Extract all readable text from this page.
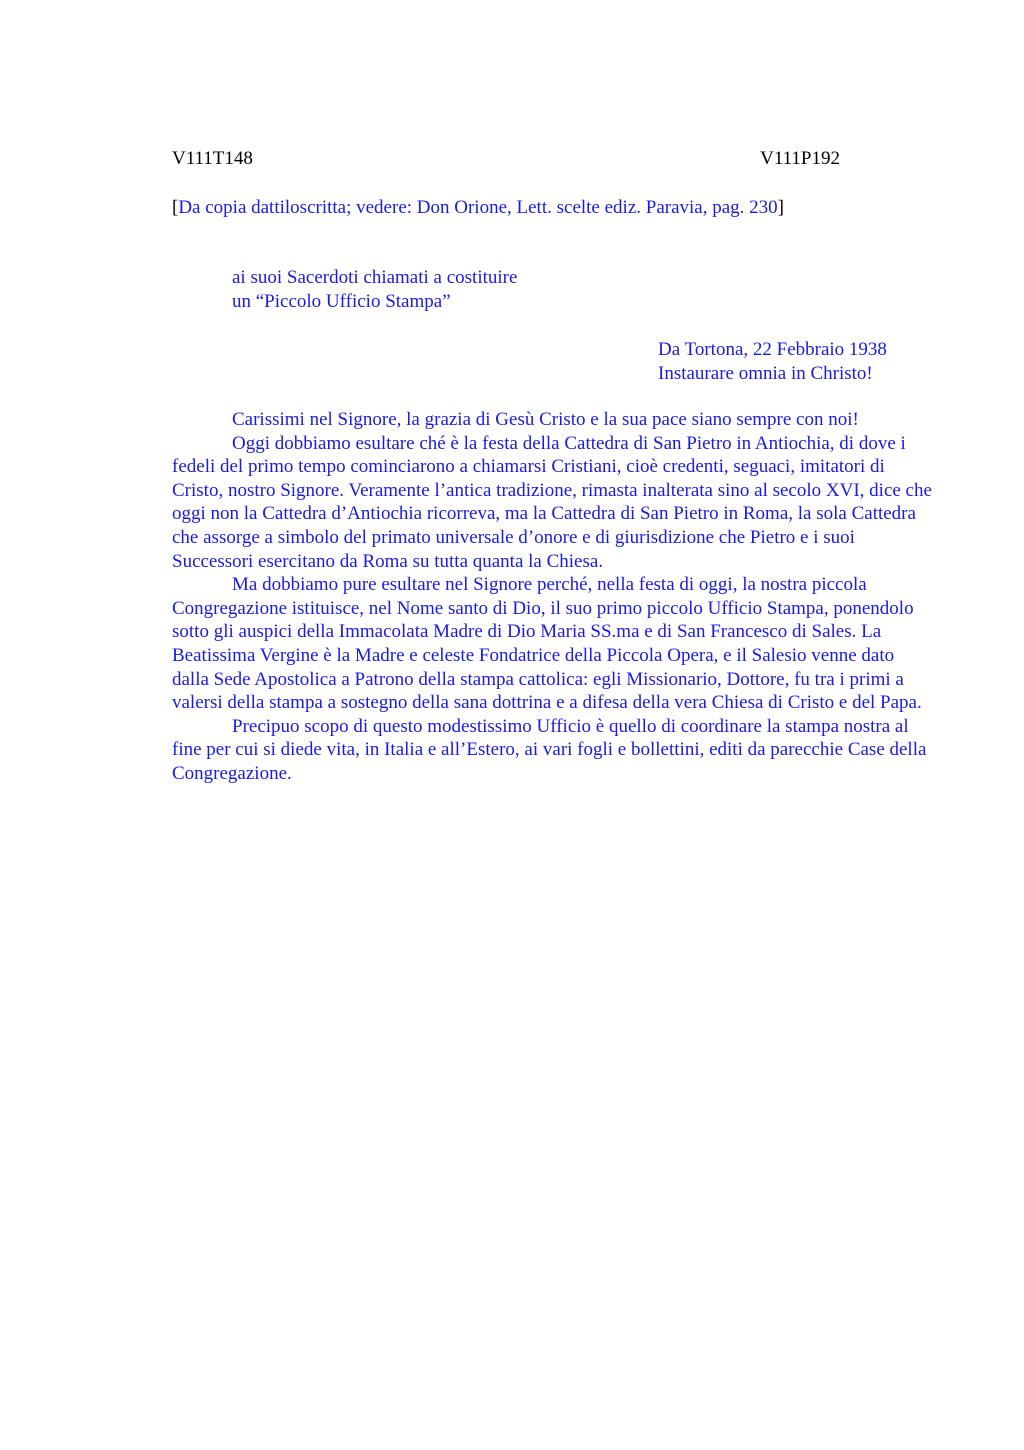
V111T148	V111P192
[Da copia dattiloscritta; vedere: Don Orione, Lett. scelte ediz. Paravia, pag. 230]
ai suoi Sacerdoti chiamati a costituire
un “Piccolo Ufficio Stampa”
Da Tortona, 22 Febbraio 1938
Instaurare omnia in Christo!

Carissimi nel Signore, la grazia di Gesù Cristo e la sua pace siano sempre con noi!

Oggi dobbiamo esultare ché è la festa della Cattedra di San Pietro in Antiochia, di dove i fedeli del primo tempo cominciarono a chiamarsi Cristiani, cioè credenti, seguaci, imitatori di Cristo, nostro Signore. Veramente l’antica tradizione, rimasta inalterata sino al secolo XVI, dice che oggi non la Cattedra d’Antiochia ricorreva, ma la Cattedra di San Pietro in Roma, la sola Cattedra che assorge a simbolo del primato universale d’onore e di giurisdizione che Pietro e i suoi Successori esercitano da Roma su tutta quanta la Chiesa.

Ma dobbiamo pure esultare nel Signore perché, nella festa di oggi, la nostra piccola Congregazione istituisce, nel Nome santo di Dio, il suo primo piccolo Ufficio Stampa, ponendolo sotto gli auspici della Immacolata Madre di Dio Maria SS.ma e di San Francesco di Sales. La Beatissima Vergine è la Madre e celeste Fondatrice della Piccola Opera, e il Salesio venne dato dalla Sede Apostolica a Patrono della stampa cattolica: egli Missionario, Dottore, fu tra i primi a valersi della stampa a sostegno della sana dottrina e a difesa della vera Chiesa di Cristo e del Papa.

Precipuo scopo di questo modestissimo Ufficio è quello di coordinare la stampa nostra al fine per cui si diede vita, in Italia e all’Estero, ai vari fogli e bollettini, editi da parecchie Case della Congregazione.
